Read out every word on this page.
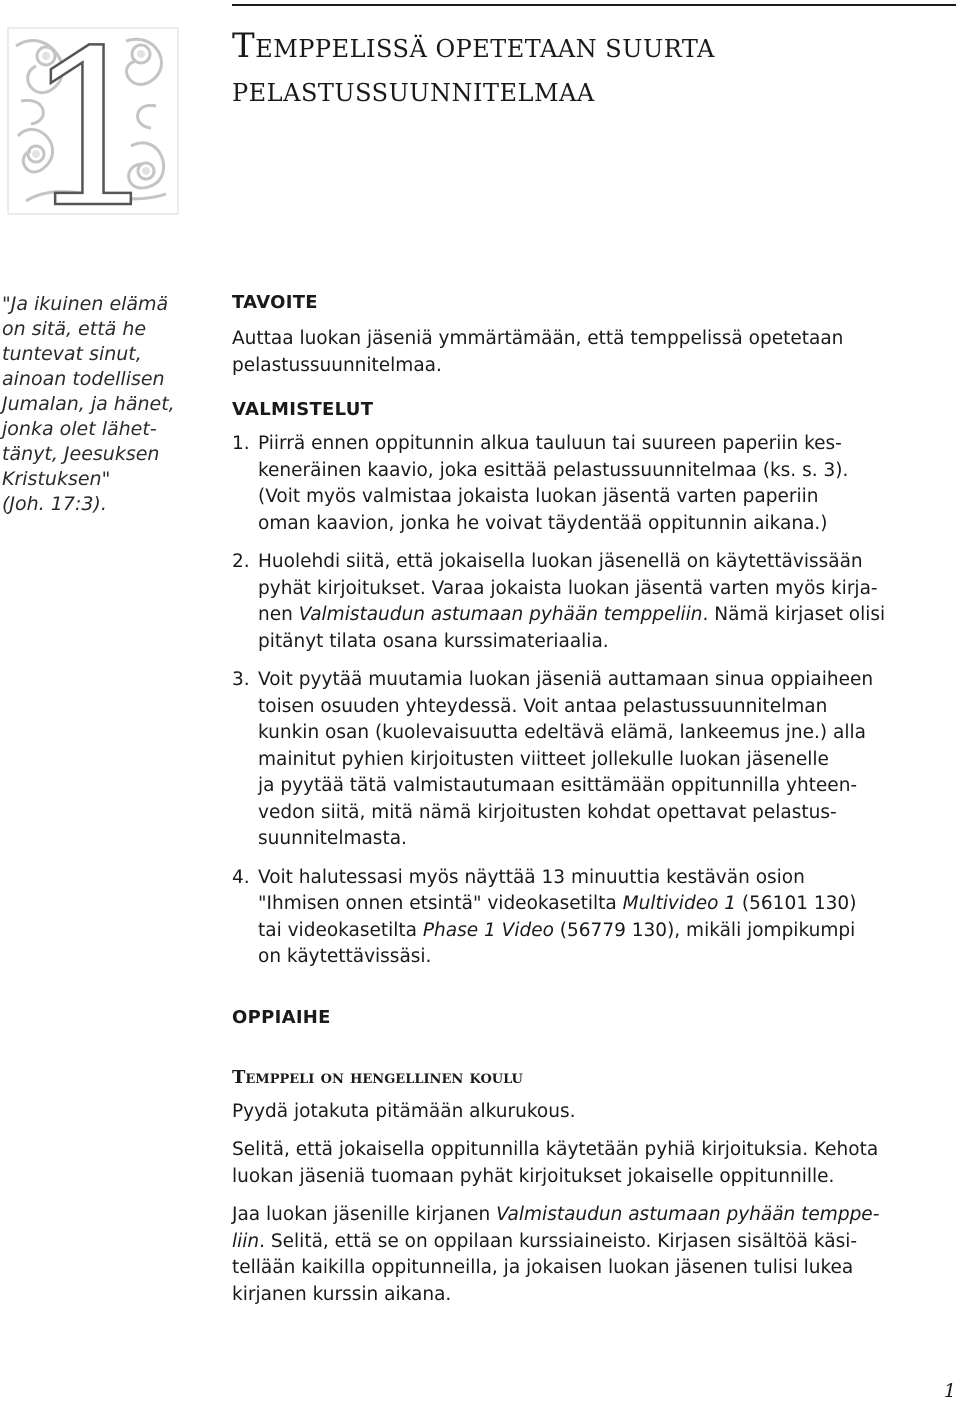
1 TEMPPELISSÄ OPETETAAN SUURTA
PELASTUSSUUNNITELMAA
"Ja ikuinen elämä
on sitä, että he
tuntevat sinut,
ainoan todellisen
Jumalan, ja hänet,
jonka olet lähet-
tänyt, Jeesuksen
Kristuksen"
(Joh. 17:3).
TAVOITE
Auttaa luokan jäseniä ymmärtämään, että temppelissä opetetaan
pelastussuunnitelmaa.
VALMISTELUT
1. Piirrä ennen oppitunnin alkua tauluun tai suureen paperiin kes-
keneräinen kaavio, joka esittää pelastussuunnitelmaa (ks. s. 3).
(Voit myös valmistaa jokaista luokan jäsentä varten paperiin
oman kaavion, jonka he voivat täydentää oppitunnin aikana.)
2. Huolehdi siitä, että jokaisella luokan jäsenellä on käytettävissään
pyhät kirjoitukset. Varaa jokaista luokan jäsentä varten myös kirja-
nen Valmistaudun astumaan pyhään temppeliin. Nämä kirjaset olisi
pitänyt tilata osana kurssimateriaalia.
3. Voit pyytää muutamia luokan jäseniä auttamaan sinua oppiaiheen
toisen osuuden yhteydessä. Voit antaa pelastussuunnitelman
kunkin osan (kuolevaisuutta edeltävä elämä, lankeemus jne.) alla
mainitut pyhien kirjoitusten viitteet jollekulle luokan jäsenelle
ja pyytää tätä valmistautumaan esittämään oppitunnilla yhteen-
vedon siitä, mitä nämä kirjoitusten kohdat opettavat pelastus-
suunnitelmasta.
4. Voit halutessasi myös näyttää 13 minuuttia kestävän osion
"Ihmisen onnen etsintä" videokasetilta Multivideo 1 (56101 130)
tai videokasetilta Phase 1 Video (56779 130), mikäli jompikumpi
on käytettävissäsi.
OPPIAIHE
Temppeli on hengellinen koulu
Pyydä jotakuta pitämään alkurukous.
Selitä, että jokaisella oppitunnilla käytetään pyhiä kirjoituksia. Kehota
luokan jäseniä tuomaan pyhät kirjoitukset jokaiselle oppitunnille.
Jaa luokan jäsenille kirjanen Valmistaudun astumaan pyhään temppe-
liin. Selitä, että se on oppilaan kurssiaineisto. Kirjasen sisältöä käsi-
tellään kaikilla oppitunneilla, ja jokaisen luokan jäsenen tulisi lukea
kirjanen kurssin aikana.
1
